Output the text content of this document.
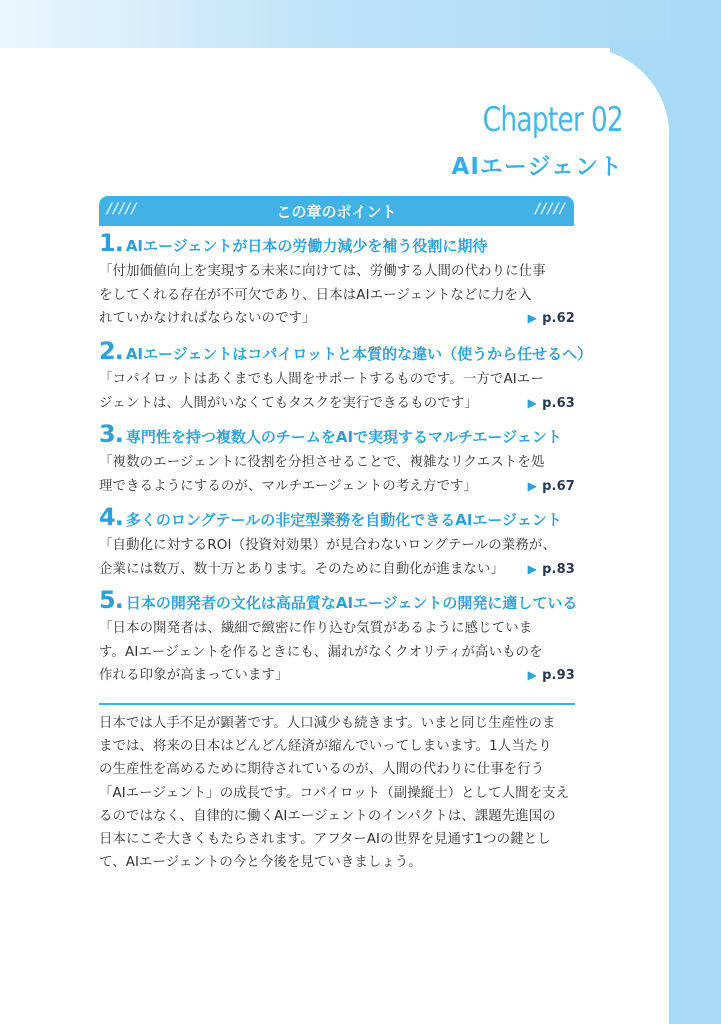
Chapter 02
AIエージェント
/////	この章のポイント	/////
1. AIエージェントが日本の労働力減少を補う役割に期待

「付加価値向上を実現する未来に向けては、労働する人間の代わりに仕事

をしてくれる存在が不可欠であり、日本はAIエージェントなどに力を入

れていかなければならないのです」	▶ p.62
2. AIエージェントはコパイロットと本質的な違い（使うから任せるへ）

「コパイロットはあくまでも人間をサポートするものです。一方でAIエー

ジェントは、人間がいなくてもタスクを実行できるものです」	▶ p.63
3. 専門性を持つ複数人のチームをAIで実現するマルチエージェント

「複数のエージェントに役割を分担させることで、複雑なリクエストを処

理できるようにするのが、マルチエージェントの考え方です」	▶ p.67
4. 多くのロングテールの非定型業務を自動化できるAIエージェント

「自動化に対するROI（投資対効果）が見合わないロングテールの業務が、

企業には数万、数十万とあります。そのために自動化が進まない」	▶ p.83
5. 日本の開発者の文化は高品質なAIエージェントの開発に適している

「日本の開発者は、繊細で緻密に作り込む気質があるように感じていま

す。AIエージェントを作るときにも、漏れがなくクオリティが高いものを

作れる印象が高まっています」	▶ p.93

日本では人手不足が顕著です。人口減少も続きます。いまと同じ生産性のま

までは、将来の日本はどんどん経済が縮んでいってしまいます。1人当たり

の生産性を高めるために期待されているのが、人間の代わりに仕事を行う

「AIエージェント」の成長です。コパイロット（副操縦士）として人間を支え

るのではなく、自律的に働くAIエージェントのインパクトは、課題先進国の

日本にこそ大きくもたらされます。アフターAIの世界を見通す1つの鍵とし

て、AIエージェントの今と今後を見ていきましょう。
